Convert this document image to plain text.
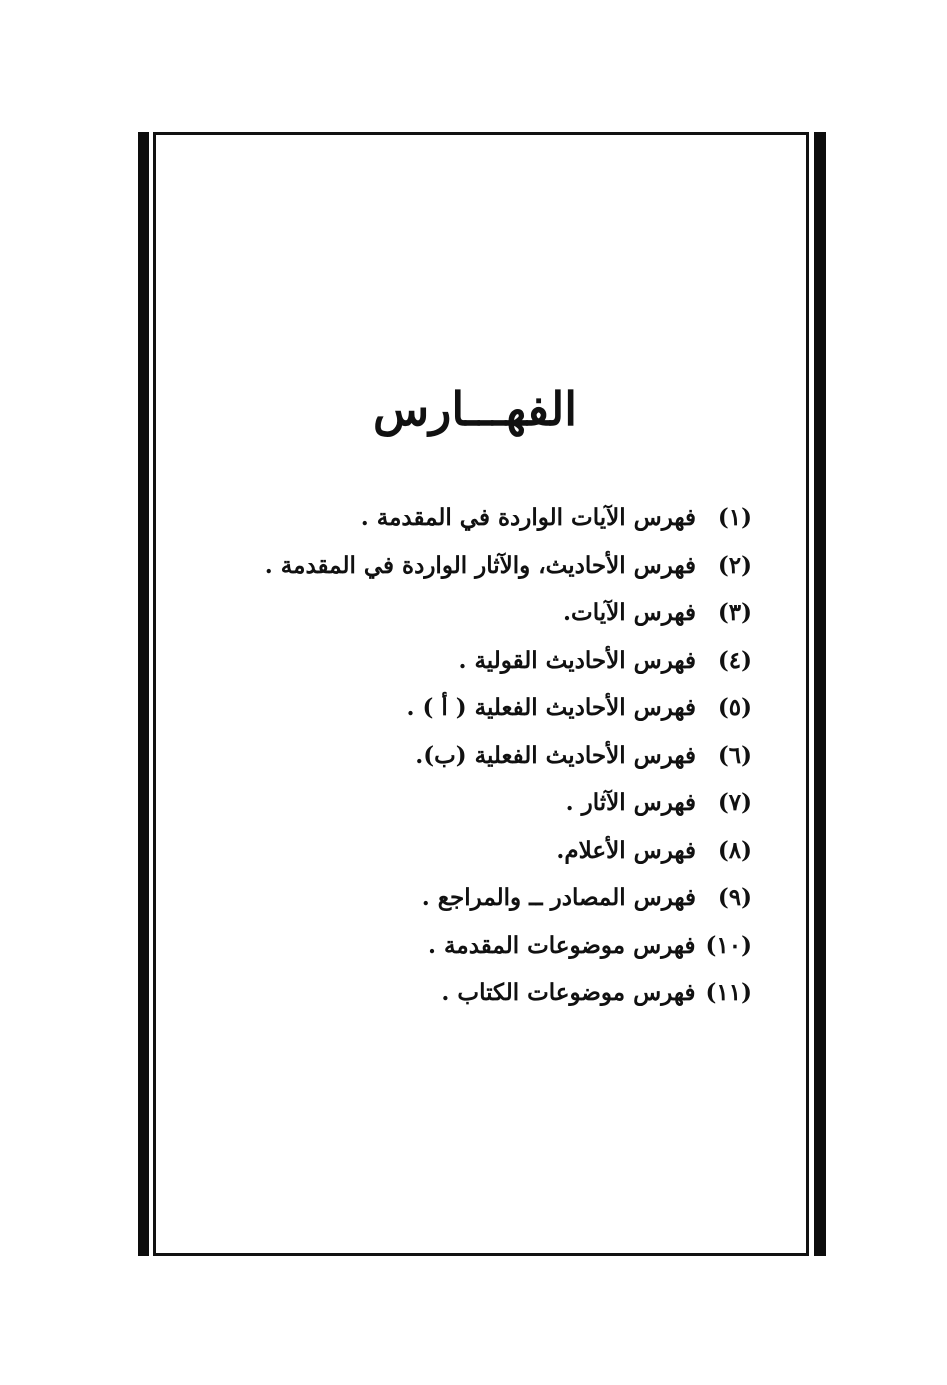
الفهـــارس
(١)فهرس الآيات الواردة في المقدمة .
(٢)فهرس الأحاديث، والآثار الواردة في المقدمة .
(٣)فهرس الآيات.
(٤)فهرس الأحاديث القولية .
(٥)فهرس الأحاديث الفعلية ( أ ) .
(٦)فهرس الأحاديث الفعلية (ب).
(٧)فهرس الآثار .
(٨)فهرس الأعلام.
(٩)فهرس المصادر ــ والمراجع .
(١٠)فهرس موضوعات المقدمة .
(١١)فهرس موضوعات الكتاب .
